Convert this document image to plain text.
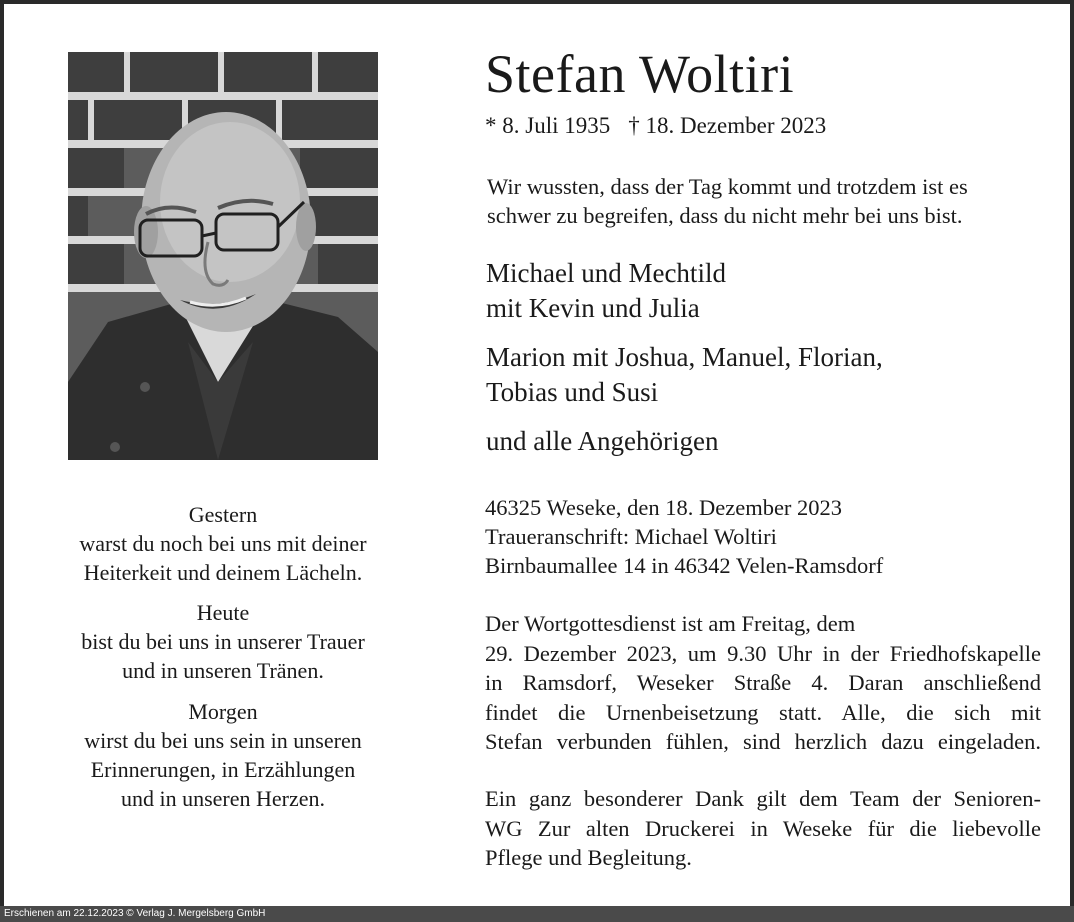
Stefan Woltiri
* 8. Juli 1935 † 18. Dezember 2023
Wir wussten, dass der Tag kommt und trotzdem ist es
schwer zu begreifen, dass du nicht mehr bei uns bist.
Michael und Mechtild
mit Kevin und Julia
Marion mit Joshua, Manuel, Florian,
Tobias und Susi
und alle Angehörigen
46325 Weseke, den 18. Dezember 2023
Traueranschrift: Michael Woltiri
Birnbaumallee 14 in 46342 Velen-Ramsdorf
Der Wortgottesdienst ist am Freitag, dem
29. Dezember 2023, um 9.30 Uhr in der Friedhofskapelle
in Ramsdorf, Weseker Straße 4. Daran anschließend
findet die Urnenbeisetzung statt. Alle, die sich mit
Stefan verbunden fühlen, sind herzlich dazu eingeladen.
Ein ganz besonderer Dank gilt dem Team der Senioren-
WG Zur alten Druckerei in Weseke für die liebevolle
Pflege und Begleitung.
Gestern
warst du noch bei uns mit deiner
Heiterkeit und deinem Lächeln.
Heute
bist du bei uns in unserer Trauer
und in unseren Tränen.
Morgen
wirst du bei uns sein in unseren
Erinnerungen, in Erzählungen
und in unseren Herzen.
Erschienen am 22.12.2023 © Verlag J. Mergelsberg GmbH
